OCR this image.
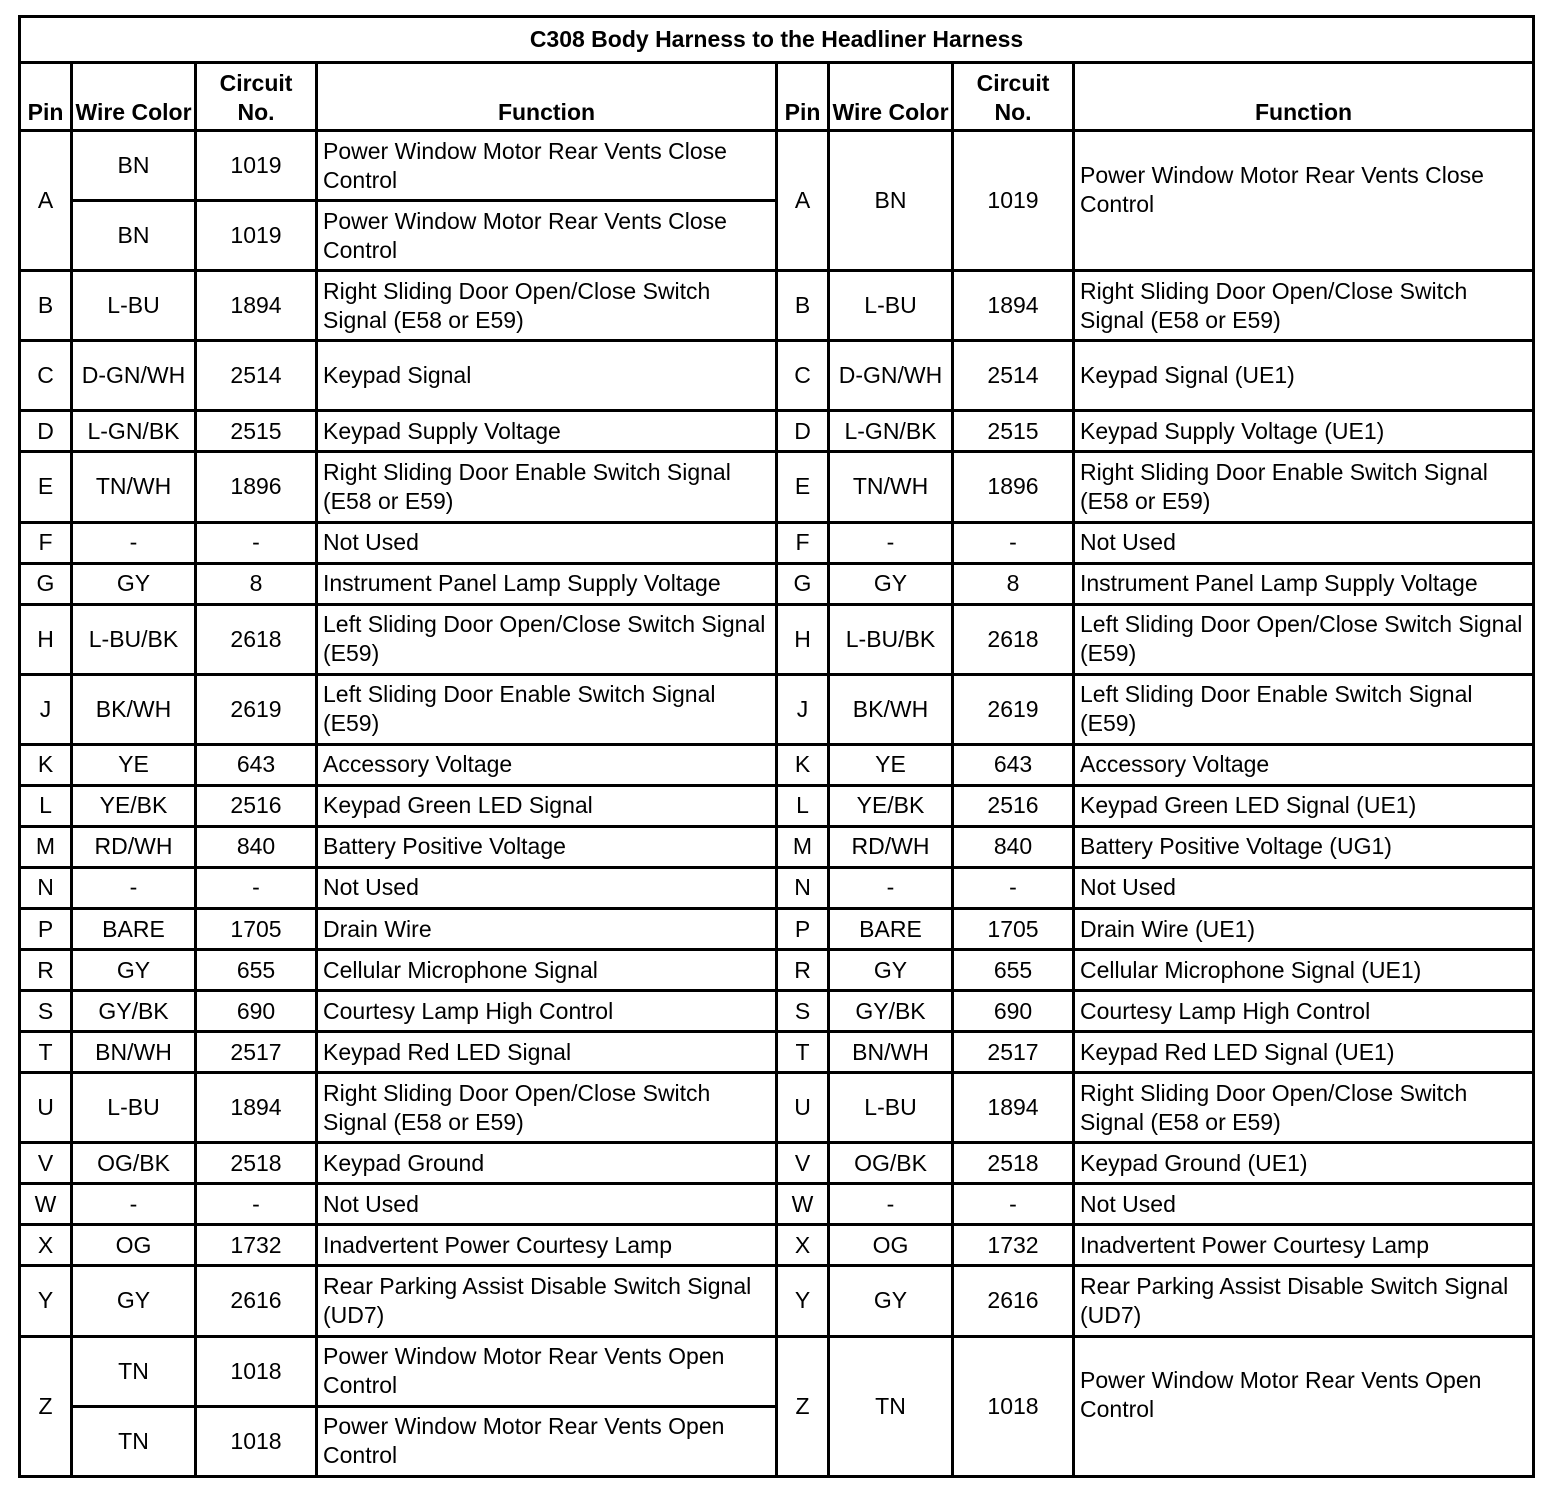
C308 Body Harness to the Headliner Harness							
Pin	Wire Color	Circuit No.	Function	Pin	Wire Color	Circuit No.	Function
A	BN	1019	Power Window Motor Rear Vents Close Control	A	BN	1019	Power Window Motor Rear Vents Close Control
	BN	1019	Power Window Motor Rear Vents Close Control				
B	L-BU	1894	Right Sliding Door Open/Close Switch Signal (E58 or E59)	B	L-BU	1894	Right Sliding Door Open/Close Switch Signal (E58 or E59)
C	D-GN/WH	2514	Keypad Signal	C	D-GN/WH	2514	Keypad Signal (UE1)
D	L-GN/BK	2515	Keypad Supply Voltage	D	L-GN/BK	2515	Keypad Supply Voltage (UE1)
E	TN/WH	1896	Right Sliding Door Enable Switch Signal (E58 or E59)	E	TN/WH	1896	Right Sliding Door Enable Switch Signal (E58 or E59)
F	-	-	Not Used	F	-	-	Not Used
G	GY	8	Instrument Panel Lamp Supply Voltage	G	GY	8	Instrument Panel Lamp Supply Voltage
H	L-BU/BK	2618	Left Sliding Door Open/Close Switch Signal (E59)	H	L-BU/BK	2618	Left Sliding Door Open/Close Switch Signal (E59)
J	BK/WH	2619	Left Sliding Door Enable Switch Signal (E59)	J	BK/WH	2619	Left Sliding Door Enable Switch Signal (E59)
K	YE	643	Accessory Voltage	K	YE	643	Accessory Voltage
L	YE/BK	2516	Keypad Green LED Signal	L	YE/BK	2516	Keypad Green LED Signal (UE1)
M	RD/WH	840	Battery Positive Voltage	M	RD/WH	840	Battery Positive Voltage (UG1)
N	-	-	Not Used	N	-	-	Not Used
P	BARE	1705	Drain Wire	P	BARE	1705	Drain Wire (UE1)
R	GY	655	Cellular Microphone Signal	R	GY	655	Cellular Microphone Signal (UE1)
S	GY/BK	690	Courtesy Lamp High Control	S	GY/BK	690	Courtesy Lamp High Control
T	BN/WH	2517	Keypad Red LED Signal	T	BN/WH	2517	Keypad Red LED Signal (UE1)
U	L-BU	1894	Right Sliding Door Open/Close Switch Signal (E58 or E59)	U	L-BU	1894	Right Sliding Door Open/Close Switch Signal (E58 or E59)
V	OG/BK	2518	Keypad Ground	V	OG/BK	2518	Keypad Ground (UE1)
W	-	-	Not Used	W	-	-	Not Used
X	OG	1732	Inadvertent Power Courtesy Lamp	X	OG	1732	Inadvertent Power Courtesy Lamp
Y	GY	2616	Rear Parking Assist Disable Switch Signal (UD7)	Y	GY	2616	Rear Parking Assist Disable Switch Signal (UD7)
Z	TN	1018	Power Window Motor Rear Vents Open Control	Z	TN	1018	Power Window Motor Rear Vents Open Control
	TN	1018	Power Window Motor Rear Vents Open Control				
